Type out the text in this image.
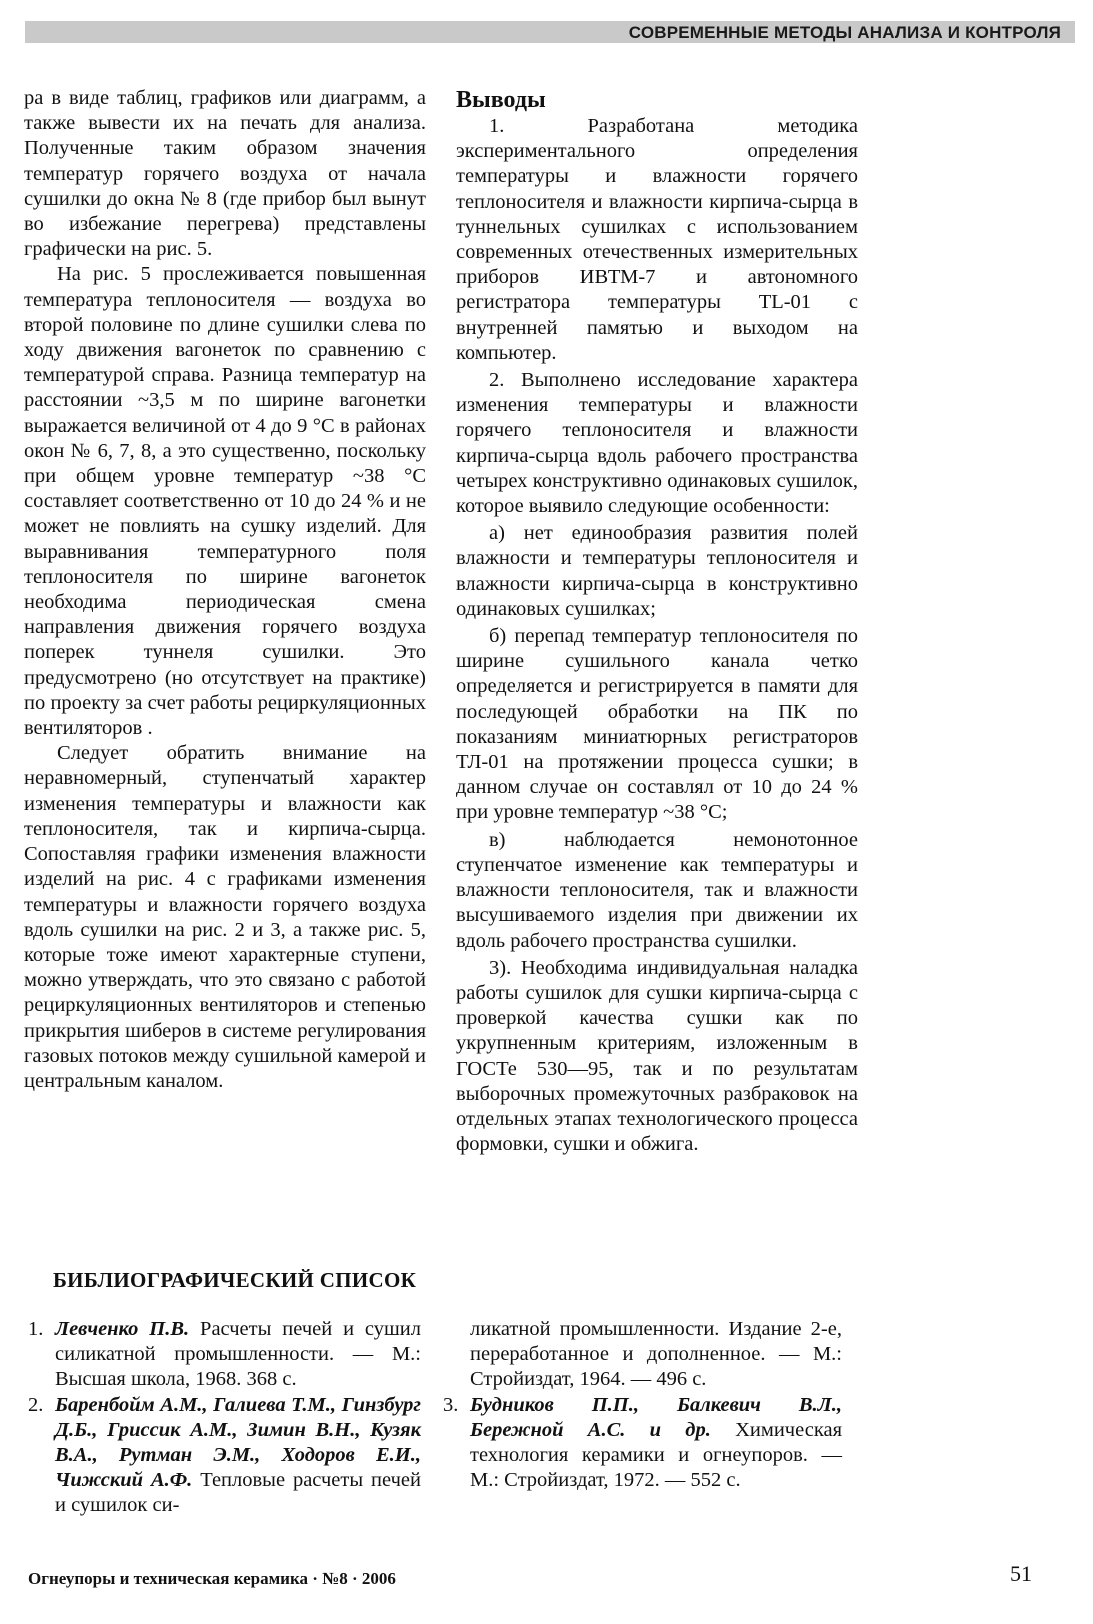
СОВРЕМЕННЫЕ МЕТОДЫ АНАЛИЗА И КОНТРОЛЯ

ра в виде таблиц, графиков или диаграмм, а также вывести их на печать для анализа. Полученные таким образом значения температур горячего воздуха от начала сушилки до окна № 8 (где прибор был вынут во избежание перегрева) представлены графически на рис. 5.

На рис. 5 прослеживается повышенная температура теплоносителя — воздуха во второй половине по длине сушилки слева по ходу движения вагонеток по сравнению с температурой справа. Разница температур на расстоянии ~3,5 м по ширине вагонетки выражается величиной от 4 до 9 °С в районах окон № 6, 7, 8, а это существенно, поскольку при общем уровне температур ~38 °С составляет соответственно от 10 до 24 % и не может не повлиять на сушку изделий. Для выравнивания температурного поля теплоносителя по ширине вагонеток необходима периодическая смена направления движения горячего воздуха поперек туннеля сушилки. Это предусмотрено (но отсутствует на практике) по проекту за счет работы рециркуляционных вентиляторов .

Следует обратить внимание на неравномерный, ступенчатый характер изменения температуры и влажности как теплоносителя, так и кирпича-сырца. Сопоставляя графики изменения влажности изделий на рис. 4 с графиками изменения температуры и влажности горячего воздуха вдоль сушилки на рис. 2 и 3, а также рис. 5, которые тоже имеют характерные ступени, можно утверждать, что это связано с работой рециркуляционных вентиляторов и степенью прикрытия шиберов в системе регулирования газовых потоков между сушильной камерой и центральным каналом.

Выводы

1. Разработана методика экспериментального определения температуры и влажности горячего теплоносителя и влажности кирпича-сырца в туннельных сушилках с использованием современных отечественных измерительных приборов ИВТМ-7 и автономного регистратора температуры TL-01 с внутренней памятью и выходом на компьютер.

2. Выполнено исследование характера изменения температуры и влажности горячего теплоносителя и влажности кирпича-сырца вдоль рабочего пространства четырех конструктивно одинаковых сушилок, которое выявило следующие особенности:

а) нет единообразия развития полей влажности и температуры теплоносителя и влажности кирпича-сырца в конструктивно одинаковых сушилках;

б) перепад температур теплоносителя по ширине сушильного канала четко определяется и регистрируется в памяти для последующей обработки на ПК по показаниям миниатюрных регистраторов ТЛ-01 на протяжении процесса сушки; в данном случае он составлял от 10 до 24 % при уровне температур ~38 °С;

в) наблюдается немонотонное ступенчатое изменение как температуры и влажности теплоносителя, так и влажности высушиваемого изделия при движении их вдоль рабочего пространства сушилки.

3). Необходима индивидуальная наладка работы сушилок для сушки кирпича-сырца с проверкой качества сушки как по укрупненным критериям, изложенным в ГОСТе 530—95, так и по результатам выборочных промежуточных разбраковок на отдельных этапах технологического процесса формовки, сушки и обжига.

БИБЛИОГРАФИЧЕСКИЙ СПИСОК

1. Левченко П.В. Расчеты печей и сушил силикатной промышленности. — М.: Высшая школа, 1968. 368 с.

2. Баренбойм А.М., Галиева Т.М., Гинзбург Д.Б., Гриссик А.М., Зимин В.Н., Кузяк В.А., Рутман Э.М., Ходоров Е.И., Чижский А.Ф. Тепловые расчеты печей и сушилок си-

ликатной промышленности. Издание 2-е, переработанное и дополненное. — М.: Стройиздат, 1964. — 496 с.

3. Будников П.П., Балкевич В.Л., Бережной А.С. и др. Химическая технология керамики и огнеупоров. — М.: Стройиздат, 1972. — 552 с.

Огнеупоры и техническая керамика · №8 · 2006	51
